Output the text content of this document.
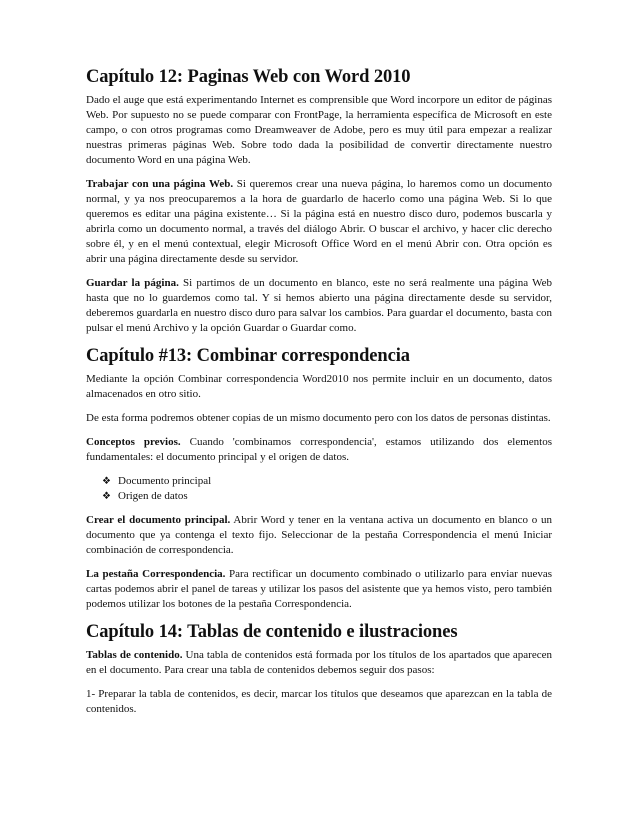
Capítulo 12: Paginas Web con Word 2010

Dado el auge que está experimentando Internet es comprensible que Word incorpore un editor de páginas Web. Por supuesto no se puede comparar con FrontPage, la herramienta específica de Microsoft en este campo, o con otros programas como Dreamweaver de Adobe, pero es muy útil para empezar a realizar nuestras primeras páginas Web. Sobre todo dada la posibilidad de convertir directamente nuestro documento Word en una página Web.

Trabajar con una página Web. Si queremos crear una nueva página, lo haremos como un documento normal, y ya nos preocuparemos a la hora de guardarlo de hacerlo como una página Web. Si lo que queremos es editar una página existente… Si la página está en nuestro disco duro, podemos buscarla y abrirla como un documento normal, a través del diálogo Abrir. O buscar el archivo, y hacer clic derecho sobre él, y en el menú contextual, elegir Microsoft Office Word en el menú Abrir con. Otra opción es abrir una página directamente desde su servidor.

Guardar la página. Si partimos de un documento en blanco, este no será realmente una página Web hasta que no lo guardemos como tal. Y si hemos abierto una página directamente desde su servidor, deberemos guardarla en nuestro disco duro para salvar los cambios. Para guardar el documento, basta con pulsar el menú Archivo y la opción Guardar o Guardar como.

Capítulo #13: Combinar correspondencia

Mediante la opción Combinar correspondencia Word2010 nos permite incluir en un documento, datos almacenados en otro sitio.

De esta forma podremos obtener copias de un mismo documento pero con los datos de personas distintas.

Conceptos previos. Cuando 'combinamos correspondencia', estamos utilizando dos elementos fundamentales: el documento principal y el origen de datos.

❖ Documento principal
❖ Origen de datos

Crear el documento principal. Abrir Word y tener en la ventana activa un documento en blanco o un documento que ya contenga el texto fijo. Seleccionar de la pestaña Correspondencia el menú Iniciar combinación de correspondencia.

La pestaña Correspondencia. Para rectificar un documento combinado o utilizarlo para enviar nuevas cartas podemos abrir el panel de tareas y utilizar los pasos del asistente que ya hemos visto, pero también podemos utilizar los botones de la pestaña Correspondencia.

Capítulo 14: Tablas de contenido e ilustraciones

Tablas de contenido. Una tabla de contenidos está formada por los títulos de los apartados que aparecen en el documento. Para crear una tabla de contenidos debemos seguir dos pasos:

1- Preparar la tabla de contenidos, es decir, marcar los títulos que deseamos que aparezcan en la tabla de contenidos.
